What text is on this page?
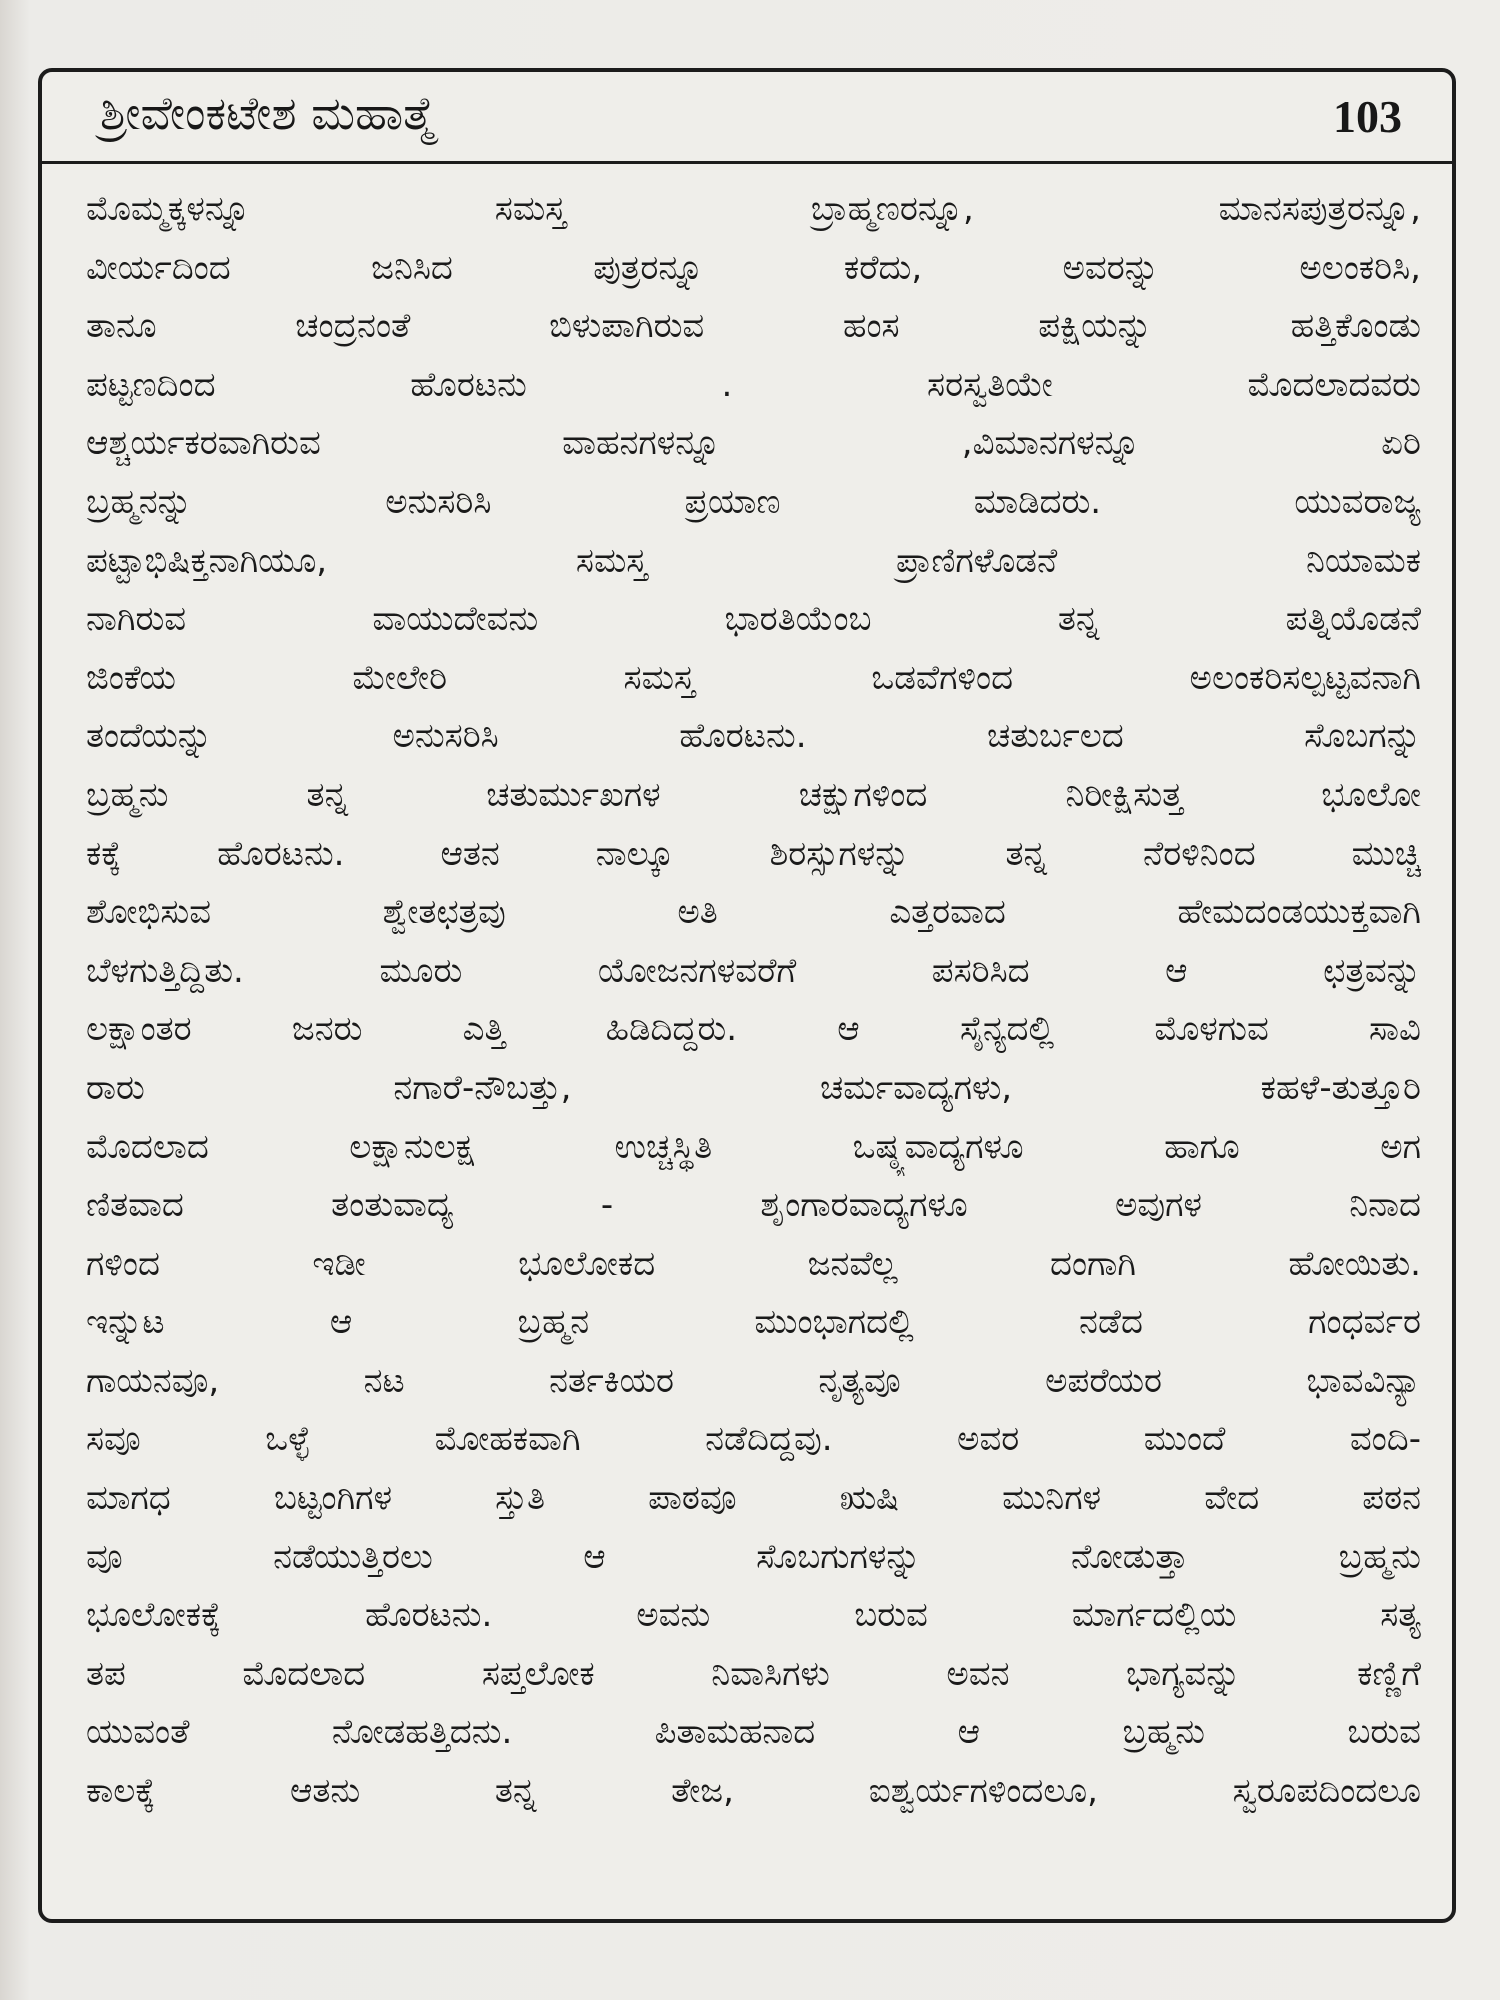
ಶ್ರೀವೇಂಕಟೇಶ ಮಹಾತ್ಮೆ	103
ಮೊಮ್ಮಕ್ಕಳನ್ನೂ ಸಮಸ್ತ ಬ್ರಾಹ್ಮಣರನ್ನೂ, ಮಾನಸಪುತ್ರರನ್ನೂ,
ವೀರ್ಯದಿಂದ ಜನಿಸಿದ ಪುತ್ರರನ್ನೂ ಕರೆದು, ಅವರನ್ನು ಅಲಂಕರಿಸಿ,
ತಾನೂ ಚಂದ್ರನಂತೆ ಬಿಳುಪಾಗಿರುವ ಹಂಸ ಪಕ್ಷಿಯನ್ನು ಹತ್ತಿಕೊಂಡು
ಪಟ್ಟಣದಿಂದ ಹೊರಟನು . ಸರಸ್ವತಿಯೇ ಮೊದಲಾದವರು
ಆಶ್ಚರ್ಯಕರವಾಗಿರುವ ವಾಹನಗಳನ್ನೂ ,ವಿಮಾನಗಳನ್ನೂ ಏರಿ
ಬ್ರಹ್ಮನನ್ನು ಅನುಸರಿಸಿ ಪ್ರಯಾಣ ಮಾಡಿದರು. ಯುವರಾಜ್ಯ
ಪಟ್ಟಾಭಿಷಿಕ್ತನಾಗಿಯೂ, ಸಮಸ್ತ ಪ್ರಾಣಿಗಳೊಡನೆ ನಿಯಾಮಕ
ನಾಗಿರುವ ವಾಯುದೇವನು ಭಾರತಿಯೆಂಬ ತನ್ನ ಪತ್ನಿಯೊಡನೆ
ಜಿಂಕೆಯ ಮೇಲೇರಿ ಸಮಸ್ತ ಒಡವೆಗಳಿಂದ ಅಲಂಕರಿಸಲ್ಪಟ್ಟವನಾಗಿ
ತಂದೆಯನ್ನು ಅನುಸರಿಸಿ ಹೊರಟನು. ಚತುರ್ಬಲದ ಸೊಬಗನ್ನು
ಬ್ರಹ್ಮನು ತನ್ನ ಚತುರ್ಮುಖಗಳ ಚಕ್ಷುಗಳಿಂದ ನಿರೀಕ್ಷಿಸುತ್ತ ಭೂಲೋ
ಕಕ್ಕೆ ಹೊರಟನು. ಆತನ ನಾಲ್ಕೂ ಶಿರಸ್ಸುಗಳನ್ನು ತನ್ನ ನೆರಳಿನಿಂದ ಮುಚ್ಚಿ
ಶೋಭಿಸುವ ಶ್ವೇತಛತ್ರವು ಅತಿ ಎತ್ತರವಾದ ಹೇಮದಂಡಯುಕ್ತವಾಗಿ
ಬೆಳಗುತ್ತಿದ್ದಿತು. ಮೂರು ಯೋಜನಗಳವರೆಗೆ ಪಸರಿಸಿದ ಆ ಛತ್ರವನ್ನು
ಲಕ್ಷಾಂತರ ಜನರು ಎತ್ತಿ ಹಿಡಿದಿದ್ದರು. ಆ ಸೈನ್ಯದಲ್ಲಿ ಮೊಳಗುವ ಸಾವಿ
ರಾರು ನಗಾರೆ-ನೌಬತ್ತು, ಚರ್ಮವಾದ್ಯಗಳು, ಕಹಳೆ-ತುತ್ತೂರಿ
ಮೊದಲಾದ ಲಕ್ಷಾನುಲಕ್ಷ ಉಚ್ಚಸ್ಥಿತಿ ಒಷ್ಠ್ಯವಾದ್ಯಗಳೂ ಹಾಗೂ ಅಗ
ಣಿತವಾದ ತಂತುವಾದ್ಯ - ಶೃಂಗಾರವಾದ್ಯಗಳೂ ಅವುಗಳ ನಿನಾದ
ಗಳಿಂದ ಇಡೀ ಭೂಲೋಕದ ಜನವೆಲ್ಲ ದಂಗಾಗಿ ಹೋಯಿತು.
ಇನ್ನುಟ ಆ ಬ್ರಹ್ಮನ ಮುಂಭಾಗದಲ್ಲಿ ನಡೆದ ಗಂಧರ್ವರ
ಗಾಯನವೂ, ನಟ ನರ್ತಕಿಯರ ನೃತ್ಯವೂ ಅಪರೆಯರ ಭಾವವಿನ್ಯಾ
ಸವೂ ಒಳ್ಳೆ ಮೋಹಕವಾಗಿ ನಡೆದಿದ್ದವು. ಅವರ ಮುಂದೆ ವಂದಿ-
ಮಾಗಧ ಬಟ್ಟಂಗಿಗಳ ಸ್ತುತಿ ಪಾಠವೂ ಋಷಿ ಮುನಿಗಳ ವೇದ ಪಠನ
ವೂ ನಡೆಯುತ್ತಿರಲು ಆ ಸೊಬಗುಗಳನ್ನು ನೋಡುತ್ತಾ ಬ್ರಹ್ಮನು
ಭೂಲೋಕಕ್ಕೆ ಹೊರಟನು. ಅವನು ಬರುವ ಮಾರ್ಗದಲ್ಲಿಯ ಸತ್ಯ
ತಪ ಮೊದಲಾದ ಸಪ್ತಲೋಕ ನಿವಾಸಿಗಳು ಅವನ ಭಾಗ್ಯವನ್ನು ಕಣ್ಣಿಗೆ
ಯುವಂತೆ ನೋಡಹತ್ತಿದನು. ಪಿತಾಮಹನಾದ ಆ ಬ್ರಹ್ಮನು ಬರುವ
ಕಾಲಕ್ಕೆ ಆತನು ತನ್ನ ತೇಜ, ಐಶ್ವರ್ಯಗಳಿಂದಲೂ, ಸ್ವರೂಪದಿಂದಲೂ
